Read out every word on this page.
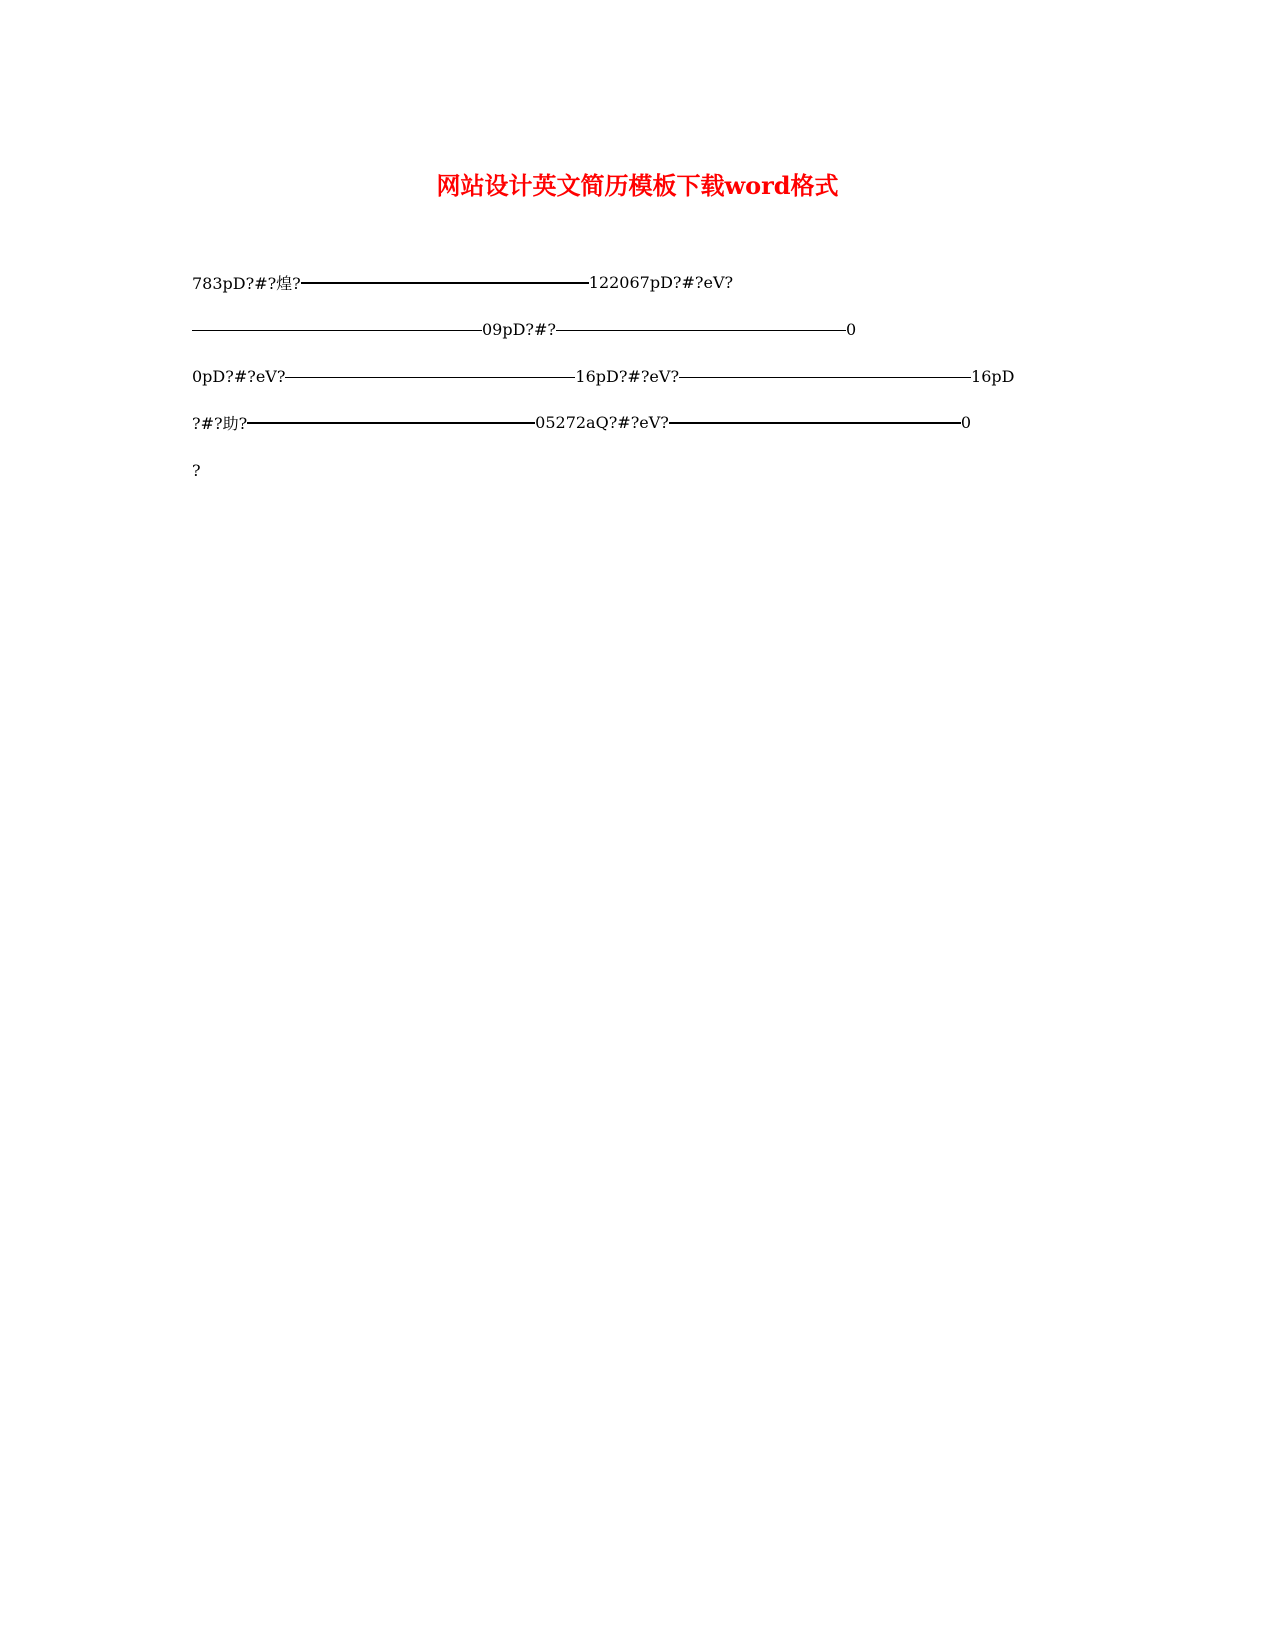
网站设计英文简历模板下载word格式
783pD?#?煌?	122067pD?#?eV?
09pD?#?	0
0pD?#?eV?	16pD?#?eV?	16pD
?#?助?	05272aQ?#?eV?	0
?
